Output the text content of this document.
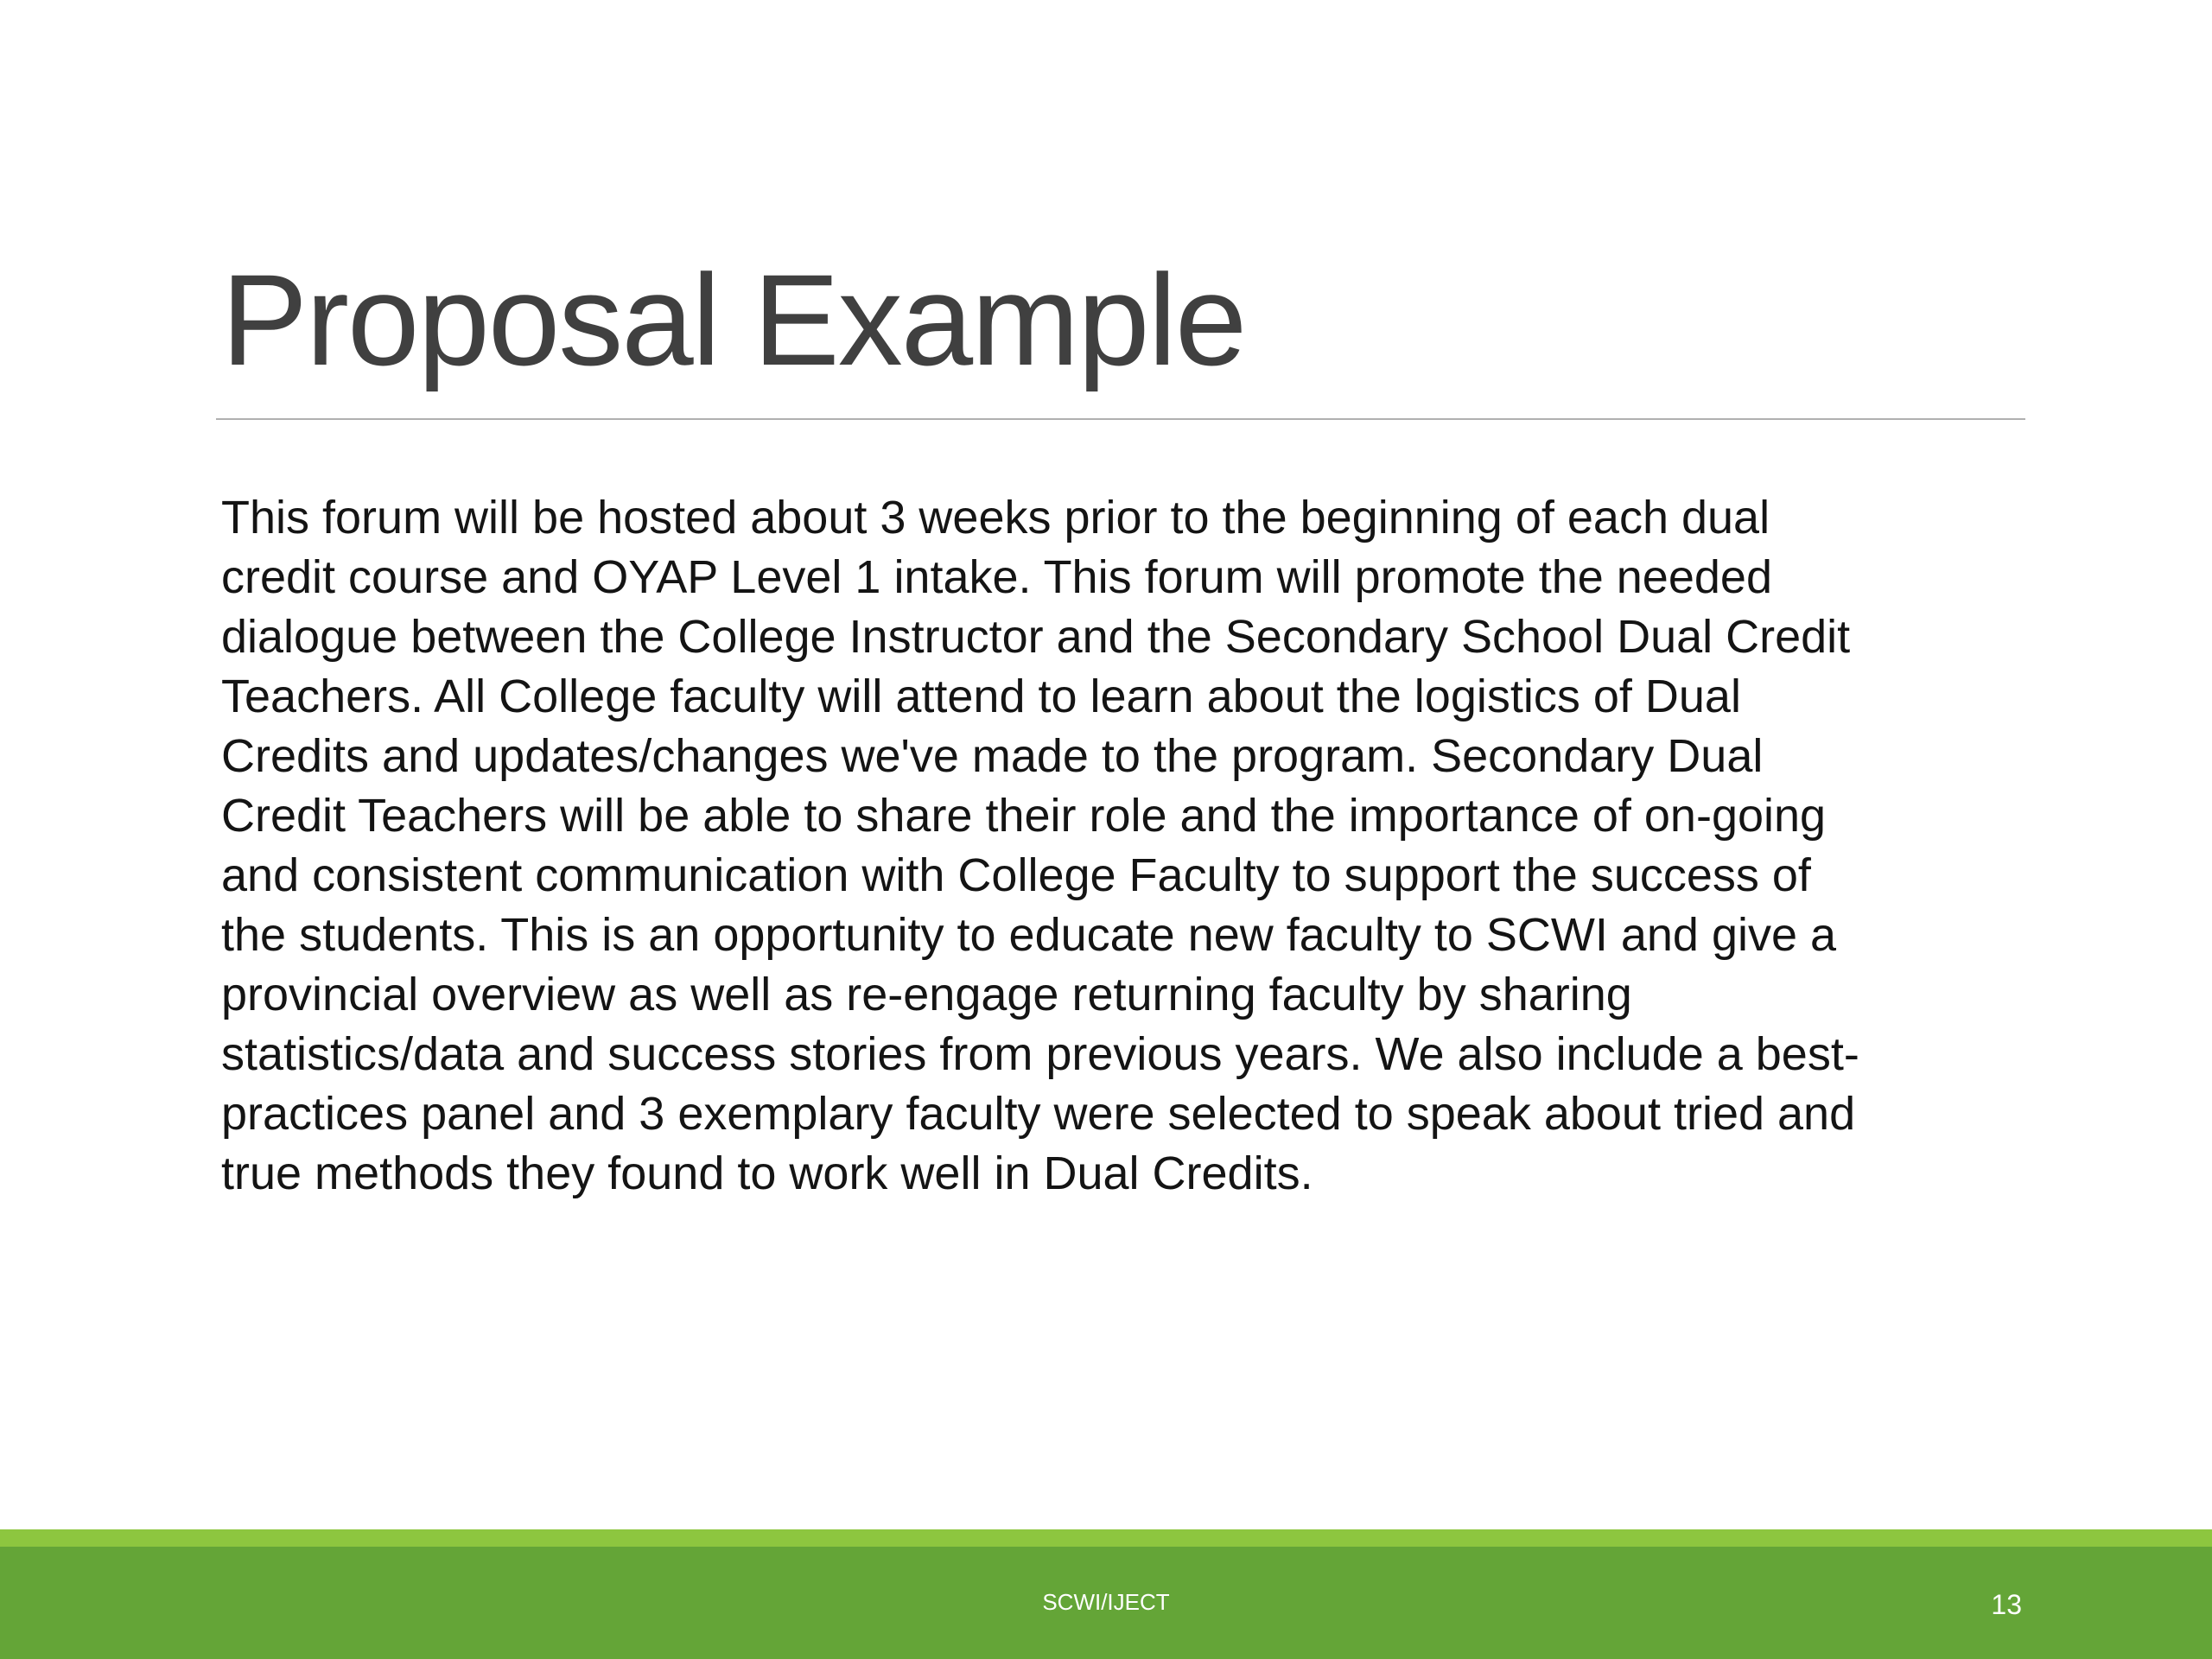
Proposal Example

This forum will be hosted about 3 weeks prior to the beginning of each dual
credit course and OYAP Level 1 intake. This forum will promote the needed
dialogue between the College Instructor and the Secondary School Dual Credit
Teachers. All College faculty will attend to learn about the logistics of Dual
Credits and updates/changes we've made to the program. Secondary Dual
Credit Teachers will be able to share their role and the importance of on-going
and consistent communication with College Faculty to support the success of
the students. This is an opportunity to educate new faculty to SCWI and give a
provincial overview as well as re-engage returning faculty by sharing
statistics/data and success stories from previous years. We also include a best-
practices panel and 3 exemplary faculty were selected to speak about tried and
true methods they found to work well in Dual Credits.

SCWI/IJECT	13
